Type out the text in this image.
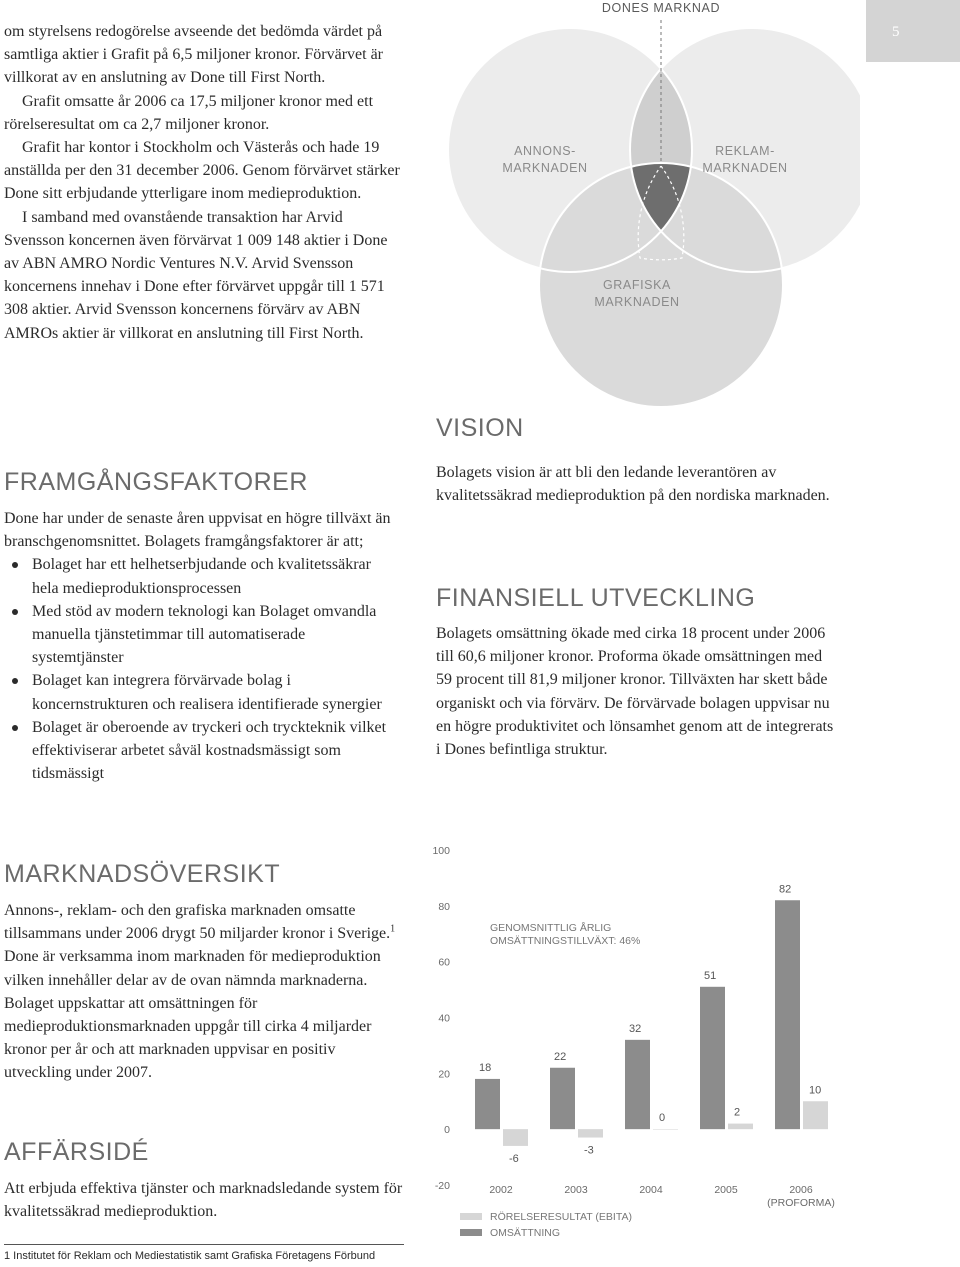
5

om styrelsens redogörelse avseende det bedömda värdet på samtliga aktier i Grafit på 6,5 miljoner kronor. Förvärvet är villkorat av en anslutning av Done till First North.

Grafit omsatte år 2006 ca 17,5 miljoner kronor med ett rörelseresultat om ca 2,7 miljoner kronor.

Grafit har kontor i Stockholm och Västerås och hade 19 anställda per den 31 december 2006. Genom förvärvet stärker Done sitt erbjudande ytterligare inom medieproduktion.

I samband med ovanstående transaktion har Arvid Svensson koncernen även förvärvat 1 009 148 aktier i Done av ABN AMRO Nordic Ventures N.V. Arvid Svensson koncernens innehav i Done efter förvärvet uppgår till 1 571 308 aktier. Arvid Svensson koncernens förvärv av ABN AMROs aktier är villkorat en anslutning till First North.

FRAMGÅNGSFAKTORER

Done har under de senaste åren uppvisat en högre tillväxt än branschgenomsnittet. Bolagets framgångsfaktorer är att;

Bolaget har ett helhetserbjudande och kvalitetssäkrar hela medieproduktionsprocessen
Med stöd av modern teknologi kan Bolaget omvandla manuella tjänstetimmar till automatiserade systemtjänster
Bolaget kan integrera förvärvade bolag i koncernstrukturen och realisera identifierade synergier
Bolaget är oberoende av tryckeri och tryckteknik vilket effektiviserar arbetet såväl kostnadsmässigt som tidsmässigt
DONES MARKNAD
ANNONS-
MARKNADEN
REKLAM-
MARKNADEN
GRAFISKA
MARKNADEN
VISION
Bolagets vision är att bli den ledande leverantören av kvalitetssäkrad medieproduktion på den nordiska marknaden.
FINANSIELL UTVECKLING
Bolagets omsättning ökade med cirka 18 procent under 2006 till 60,6 miljoner kronor. Proforma ökade omsättningen med 59 procent till 81,9 miljoner kronor. Tillväxten har skett både organiskt och via förvärv. De förvärvade bolagen uppvisar nu en högre produktivitet och lönsamhet genom att de integrerats i Dones befintliga struktur.
MARKNADSÖVERSIKT
Annons-, reklam- och den grafiska marknaden omsatte tillsammans under 2006 drygt 50 miljarder kronor i Sverige.$^1$ Done är verksamma inom marknaden för medieproduktion vilken innehåller delar av de ovan nämnda marknaderna. Bolaget uppskattar att omsättningen för medieproduktionsmarknaden uppgår till cirka 4 miljarder kronor per år och att marknaden uppvisar en positiv utveckling under 2007.
AFFÄRSIDÉ
Att erbjuda effektiva tjänster och marknadsledande system för kvalitetssäkrad medieproduktion.
-20
0
20
40
60
80
100
18
-6
2002
22
-3
2003
32
0
2004
51
2
2005
82
10
2006
(PROFORMA)
GENOMSNITTLIG ÅRLIG
OMSÄTTNINGSTILLVÄXT: 46%
RÖRELSERESULTAT (EBITA)
OMSÄTTNING
1 Institutet för Reklam och Mediestatistik samt Grafiska Företagens Förbund
